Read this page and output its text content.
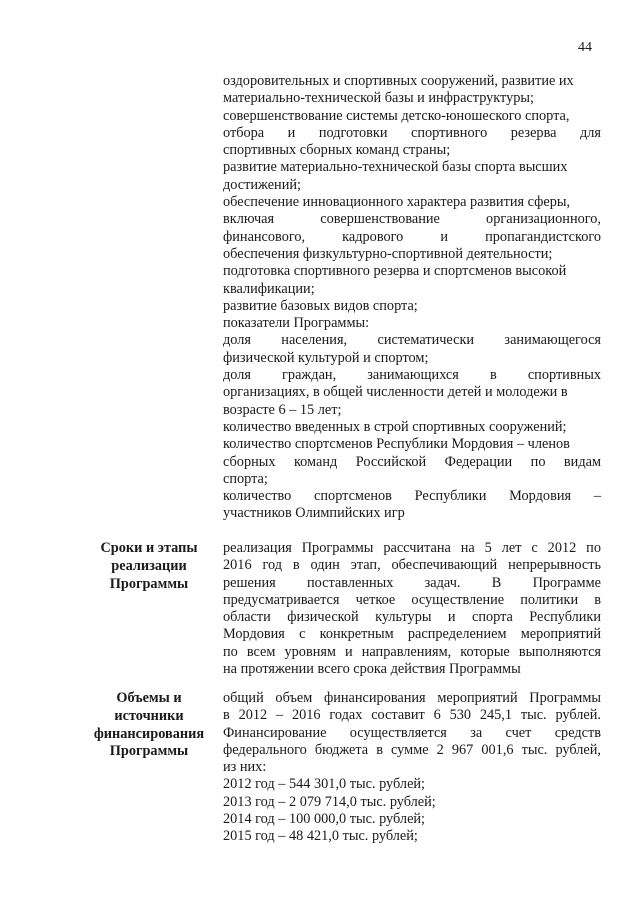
44
оздоровительных и спортивных сооружений, развитие их
материально-технической базы и инфраструктуры;
совершенствование системы детско-юношеского спорта,
отбора и подготовки спортивного резерва для
спортивных сборных команд страны;
развитие материально-технической базы спорта высших
достижений;
обеспечение инновационного характера развития сферы,
включая совершенствование организационного,
финансового, кадрового и пропагандистского
обеспечения физкультурно-спортивной деятельности;
подготовка спортивного резерва и спортсменов высокой
квалификации;
развитие базовых видов спорта;
показатели Программы:
доля населения, систематически занимающегося
физической культурой и спортом;
доля граждан, занимающихся в спортивных
организациях, в общей численности детей и молодежи в
возрасте 6 – 15 лет;
количество введенных в строй спортивных сооружений;
количество спортсменов Республики Мордовия – членов
сборных команд Российской Федерации по видам
спорта;
количество спортсменов Республики Мордовия –
участников Олимпийских игр
Сроки и этапы
реализации
Программы
реализация Программы рассчитана на 5 лет с 2012 по
2016 год в один этап, обеспечивающий непрерывность
решения поставленных задач. В Программе
предусматривается четкое осуществление политики в
области физической культуры и спорта Республики
Мордовия с конкретным распределением мероприятий
по всем уровням и направлениям, которые выполняются
на протяжении всего срока действия Программы
Объемы и
источники
финансирования
Программы
общий объем финансирования мероприятий Программы
в 2012 – 2016 годах составит 6 530 245,1 тыс. рублей.
Финансирование осуществляется за счет средств
федерального бюджета в сумме 2 967 001,6 тыс. рублей,
из них:
2012 год – 544 301,0 тыс. рублей;
2013 год – 2 079 714,0 тыс. рублей;
2014 год – 100 000,0 тыс. рублей;
2015 год – 48 421,0 тыс. рублей;
